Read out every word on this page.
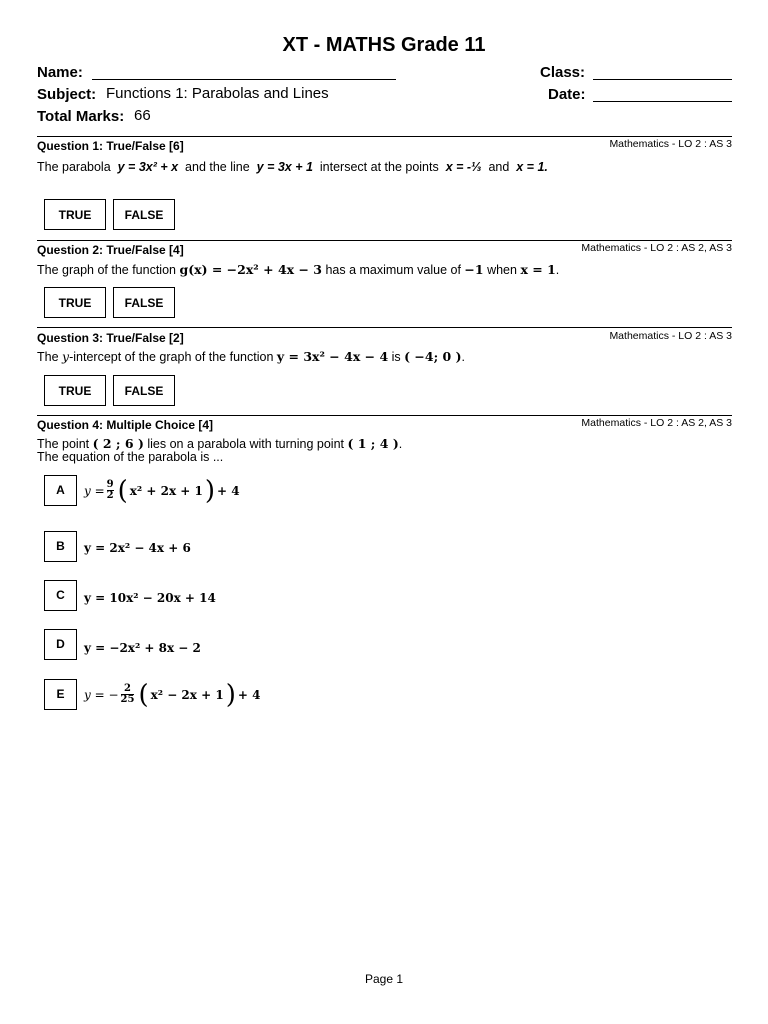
XT - MATHS Grade 11
Name:	Class:
Subject: Functions 1: Parabolas and Lines	Date:
Total Marks: 66
Question 1: True/False [6]	Mathematics - LO 2 : AS 3
The parabola y = 3x² + x and the line y = 3x + 1 intersect at the points x = -⅓ and x = 1.
TRUE	FALSE
Question 2: True/False [4]	Mathematics - LO 2 : AS 2, AS 3
The graph of the function g(x) = −2x² + 4x − 3 has a maximum value of −1 when x = 1.
TRUE	FALSE
Question 3: True/False [2]	Mathematics - LO 2 : AS 3
The y-intercept of the graph of the function y = 3x² − 4x − 4 is ( −4; 0 ).
TRUE	FALSE
Question 4: Multiple Choice [4]	Mathematics - LO 2 : AS 2, AS 3
The point ( 2 ; 6 ) lies on a parabola with turning point ( 1 ; 4 ).
The equation of the parabola is ...
A	$y = \frac{9}{2}$ ( x² + 2x + 1 ) + 4
B	y = 2x² − 4x + 6
C	y = 10x² − 20x + 14
D	y = −2x² + 8x − 2
E	y = − $\frac{2}{25}$ ( x² − 2x + 1 ) + 4
Page 1
